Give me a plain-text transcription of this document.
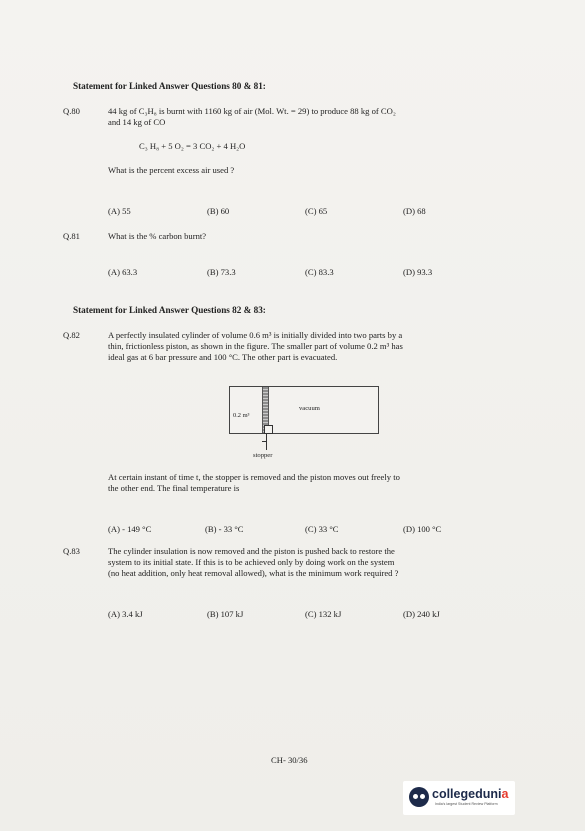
Statement for Linked Answer Questions 80 & 81:
Q.80	44 kg of C₃H₈ is burnt with 1160 kg of air (Mol. Wt. = 29) to produce 88 kg of CO₂
and 14 kg of CO
C₃ H₈ + 5 O₂ = 3 CO₂ + 4 H₂O
What is the percent excess air used ?
(A) 55	(B) 60	(C) 65	(D) 68
Q.81	What is the % carbon burnt?
(A) 63.3	(B) 73.3	(C) 83.3	(D) 93.3
Statement for Linked Answer Questions 82 & 83:
Q.82	A perfectly insulated cylinder of volume 0.6 m³ is initially divided into two parts by a
thin, frictionless piston, as shown in the figure. The smaller part of volume 0.2 m³ has
ideal gas at 6 bar pressure and 100 °C. The other part is evacuated.
0.2 m³
vacuum
stopper
At certain instant of time t, the stopper is removed and the piston moves out freely to
the other end. The final temperature is
(A) - 149 °C	(B) - 33 °C	(C) 33 °C	(D) 100 °C
Q.83	The cylinder insulation is now removed and the piston is pushed back to restore the
system to its initial state. If this is to be achieved only by doing work on the system
(no heat addition, only heat removal allowed), what is the minimum work required ?
(A) 3.4 kJ	(B) 107 kJ	(C) 132 kJ	(D) 240 kJ
CH- 30/36
collegedunia
India's largest Student Review Platform
